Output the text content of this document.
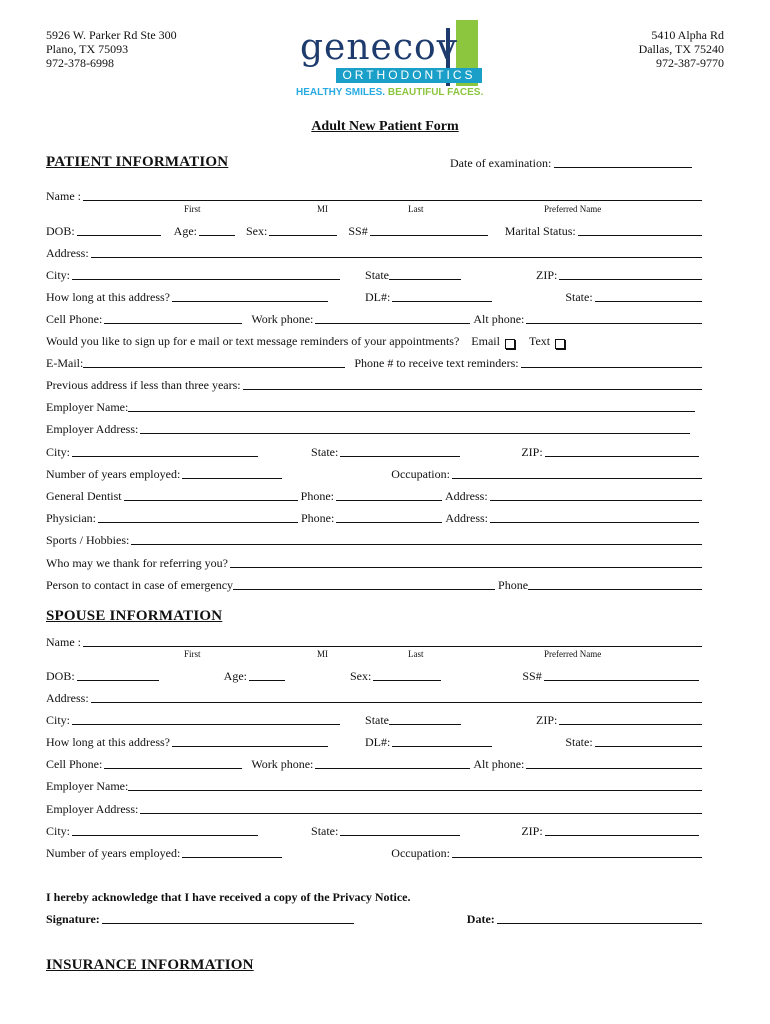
5926 W. Parker Rd Ste 300
Plano, TX 75093
972-378-6998
5410 Alpha Rd
Dallas, TX 75240
972-387-9770
genecov
ORTHODONTICS
HEALTHY SMILES. BEAUTIFUL FACES.
Adult New Patient Form
PATIENT INFORMATION	Date of examination:
Name :
First	MI	Last	Preferred Name
DOB:	Age:	Sex:	SS#	Marital Status:
Address:
City:	State	ZIP:
How long at this address?	DL#:	State:
Cell Phone:	Work phone:	Alt phone:
Would you like to sign up for e mail or text message reminders of your appointments? Email Text
E-Mail:	Phone # to receive text reminders:
Previous address if less than three years:
Employer Name:
Employer Address:
City:	State:	ZIP:
Number of years employed:	Occupation:
General Dentist	Phone:	Address:
Physician:	Phone:	Address:
Sports / Hobbies:
Who may we thank for referring you?
Person to contact in case of emergency	Phone
SPOUSE INFORMATION
Name :
First	MI	Last	Preferred Name
DOB:	Age:	Sex:	SS#
Address:
City:	State	ZIP:
How long at this address?	DL#:	State:
Cell Phone:	Work phone:	Alt phone:
Employer Name:
Employer Address:
City:	State:	ZIP:
Number of years employed:	Occupation:
I hereby acknowledge that I have received a copy of the Privacy Notice.
Signature:	Date:
INSURANCE INFORMATION
